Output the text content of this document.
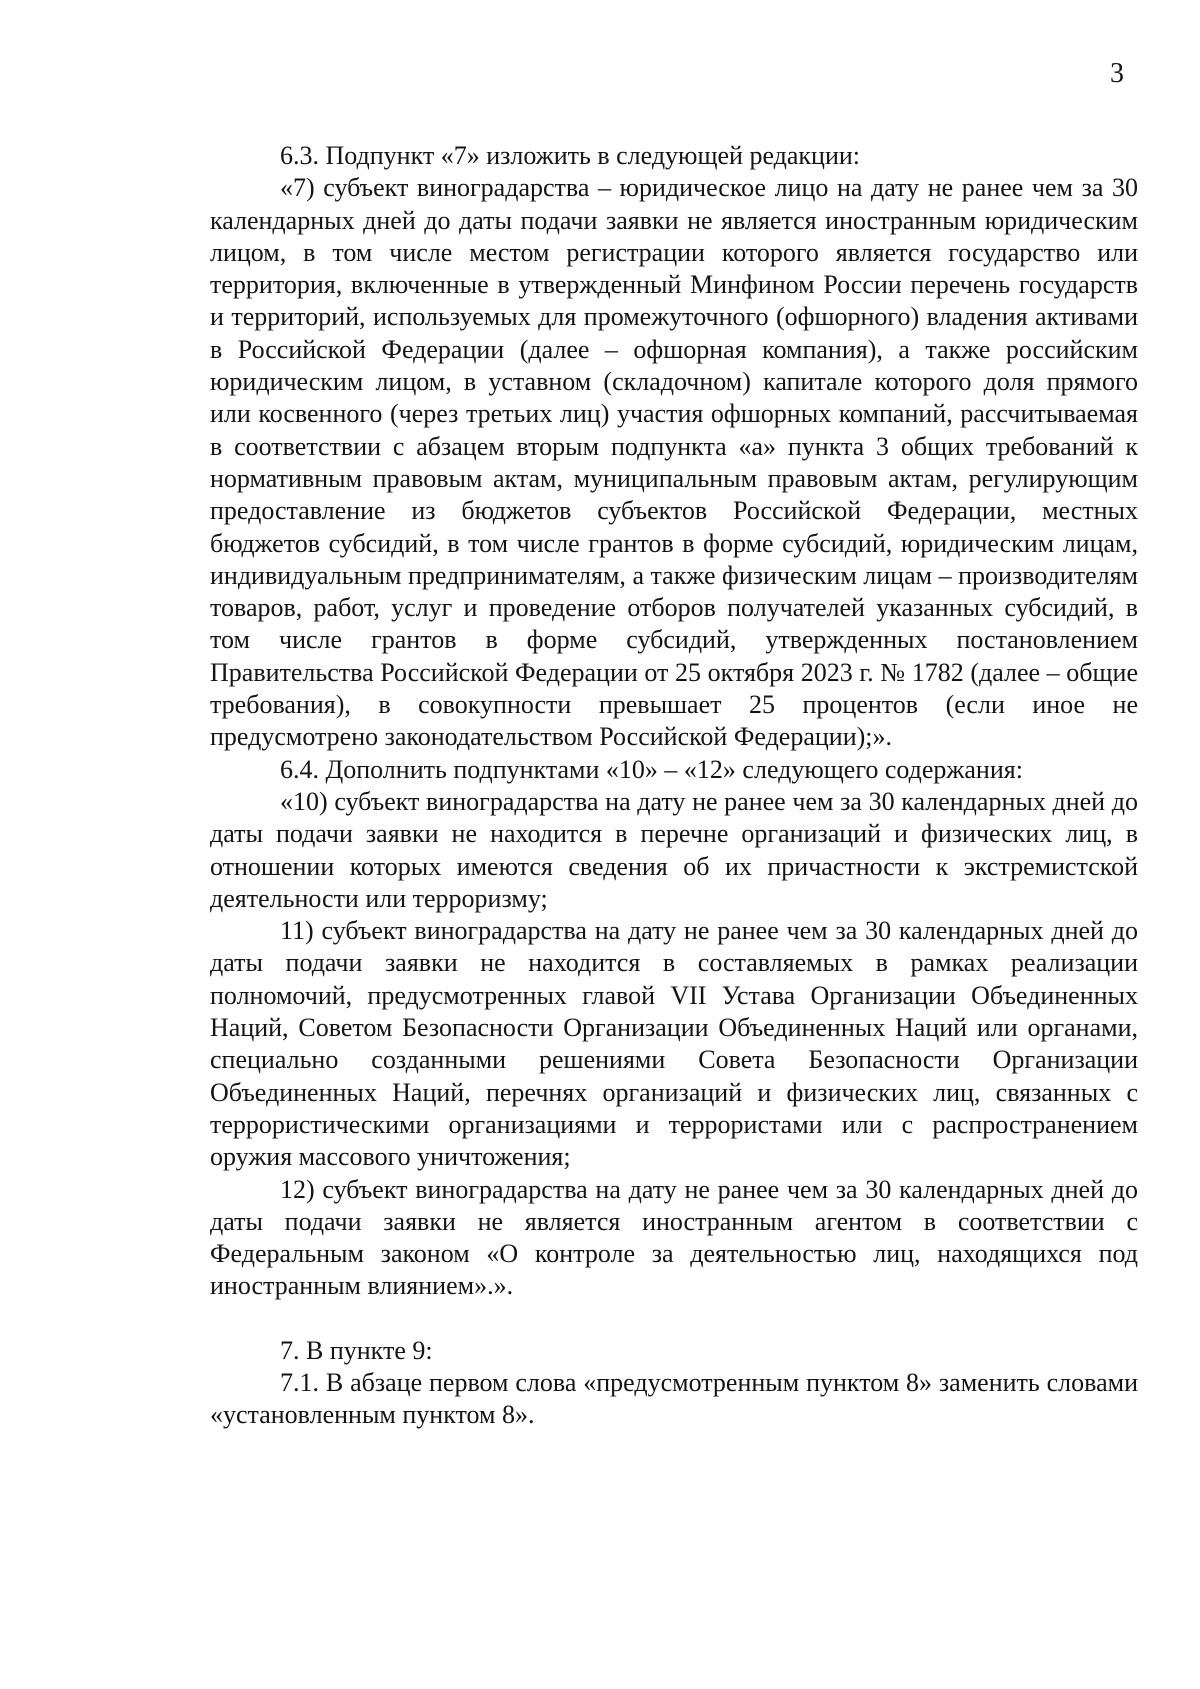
3

6.3. Подпункт «7» изложить в следующей редакции:

«7) субъект виноградарства – юридическое лицо на дату не ранее чем за 30 календарных дней до даты подачи заявки не является иностранным юридическим лицом, в том числе местом регистрации которого является государство или территория, включенные в утвержденный Минфином России перечень государств и территорий, используемых для промежуточного (офшорного) владения активами в Российской Федерации (далее – офшорная компания), а также российским юридическим лицом, в уставном (складочном) капитале которого доля прямого или косвенного (через третьих лиц) участия офшорных компаний, рассчитываемая в соответствии с абзацем вторым подпункта «а» пункта 3 общих требований к нормативным правовым актам, муниципальным правовым актам, регулирующим предоставление из бюджетов субъектов Российской Федерации, местных бюджетов субсидий, в том числе грантов в форме субсидий, юридическим лицам, индивидуальным предпринимателям, а также физическим лицам – производителям товаров, работ, услуг и проведение отборов получателей указанных субсидий, в том числе грантов в форме субсидий, утвержденных постановлением Правительства Российской Федерации от 25 октября 2023 г. № 1782 (далее – общие требования), в совокупности превышает 25 процентов (если иное не предусмотрено законодательством Российской Федерации);».

6.4. Дополнить подпунктами «10» – «12» следующего содержания:

«10) субъект виноградарства на дату не ранее чем за 30 календарных дней до даты подачи заявки не находится в перечне организаций и физических лиц, в отношении которых имеются сведения об их причастности к экстремистской деятельности или терроризму;

11) субъект виноградарства на дату не ранее чем за 30 календарных дней до даты подачи заявки не находится в составляемых в рамках реализации полномочий, предусмотренных главой VII Устава Организации Объединенных Наций, Советом Безопасности Организации Объединенных Наций или органами, специально созданными решениями Совета Безопасности Организации Объединенных Наций, перечнях организаций и физических лиц, связанных с террористическими организациями и террористами или с распространением оружия массового уничтожения;

12) субъект виноградарства на дату не ранее чем за 30 календарных дней до даты подачи заявки не является иностранным агентом в соответствии с Федеральным законом «О контроле за деятельностью лиц, находящихся под иностранным влиянием».».

7. В пункте 9:

7.1. В абзаце первом слова «предусмотренным пунктом 8» заменить словами «установленным пунктом 8».
